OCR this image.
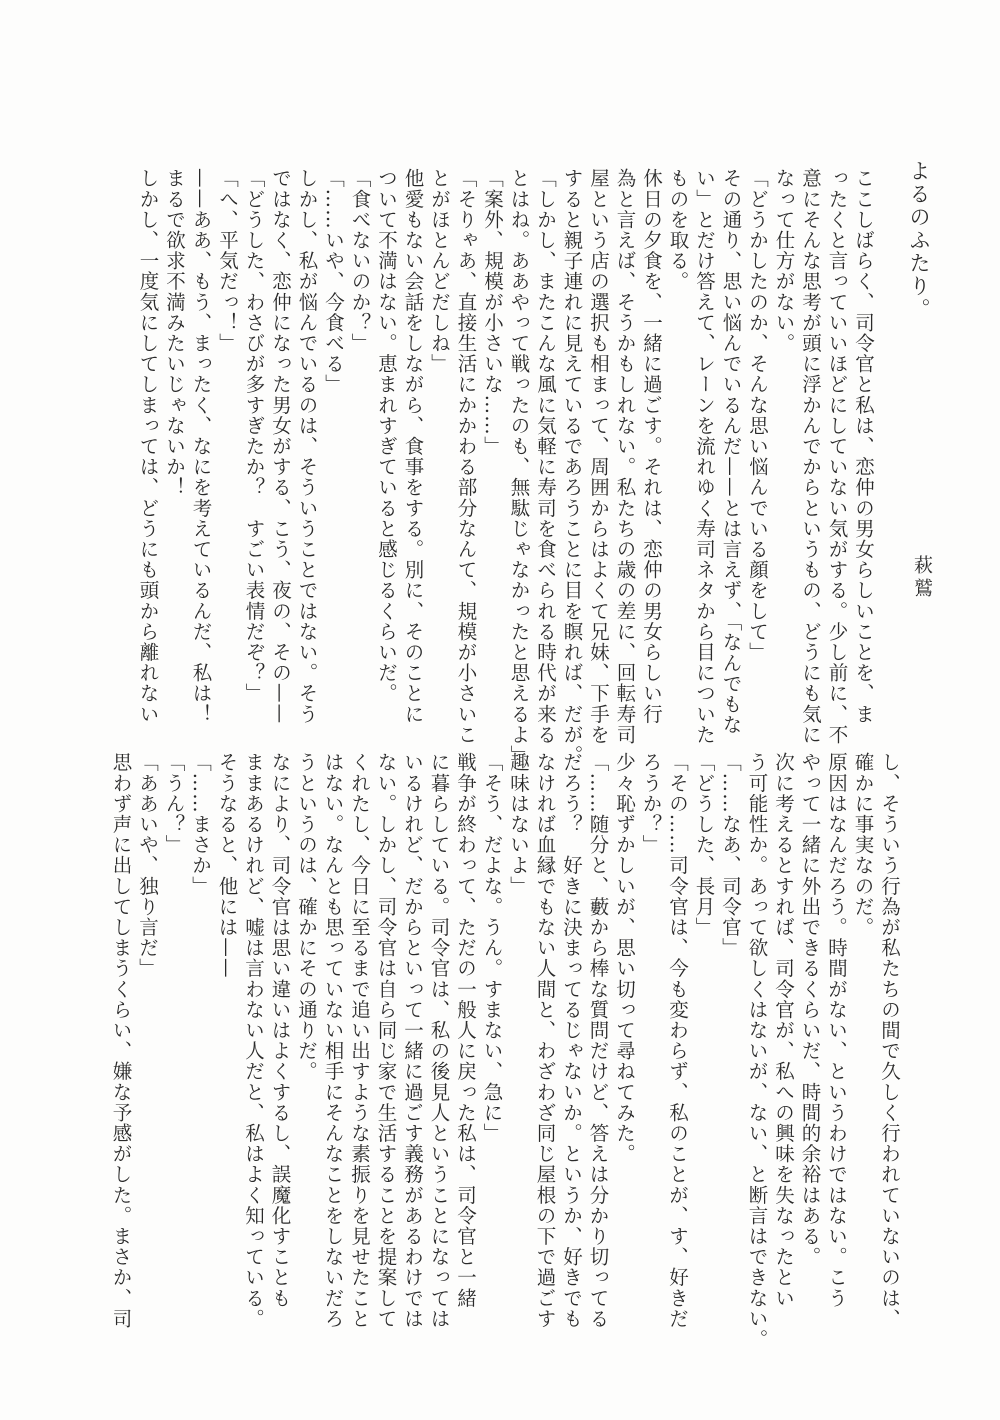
よるのふたり。
萩鷲
ここしばらく、司令官と私は、恋仲の男女らしいことを、ま
ったくと言っていいほどにしていない気がする。少し前に、不
意にそんな思考が頭に浮かんでからというもの、どうにも気に
なって仕方がない。
「どうかしたのか、そんな思い悩んでいる顔をして」
その通り、思い悩んでいるんだ——とは言えず、「なんでもな
い」とだけ答えて、レーンを流れゆく寿司ネタから目についた
ものを取る。
休日の夕食を、一緒に過ごす。それは、恋仲の男女らしい行
為と言えば、そうかもしれない。私たちの歳の差に、回転寿司
屋という店の選択も相まって、周囲からはよくて兄妹、下手を
すると親子連れに見えているであろうことに目を瞑れば、だが。
「しかし、またこんな風に気軽に寿司を食べられる時代が来る
とはね。ああやって戦ったのも、無駄じゃなかったと思えるよ」
「案外、規模が小さいな……」
「そりゃあ、直接生活にかかわる部分なんて、規模が小さいこ
とがほとんどだしね」
他愛もない会話をしながら、食事をする。別に、そのことに
ついて不満はない。恵まれすぎていると感じるくらいだ。
「食べないのか？」
「……いや、今食べる」
しかし、私が悩んでいるのは、そういうことではない。そう
ではなく、恋仲になった男女がする、こう、夜の、その——
「どうした、わさびが多すぎたか？　すごい表情だぞ？」
「へ、平気だっ！」
——ああ、もう、まったく、なにを考えているんだ、私は！
まるで欲求不満みたいじゃないか！
しかし、一度気にしてしまっては、どうにも頭から離れない
し、そういう行為が私たちの間で久しく行われていないのは、
確かに事実なのだ。
原因はなんだろう。時間がない、というわけではない。こう
やって一緒に外出できるくらいだ、時間的余裕はある。
次に考えるとすれば、司令官が、私への興味を失なったとい
う可能性か。あって欲しくはないが、ない、と断言はできない。
「……なあ、司令官」
「どうした、長月」
「その……司令官は、今も変わらず、私のことが、す、好きだ
ろうか？」
少々恥ずかしいが、思い切って尋ねてみた。
「……随分と、藪から棒な質問だけど、答えは分かり切ってる
だろう？　好きに決まってるじゃないか。というか、好きでも
なければ血縁でもない人間と、わざわざ同じ屋根の下で過ごす
趣味はないよ」
「そう、だよな。うん。すまない、急に」
戦争が終わって、ただの一般人に戻った私は、司令官と一緒
に暮らしている。司令官は、私の後見人ということになっては
いるけれど、だからといって一緒に過ごす義務があるわけでは
ない。しかし、司令官は自ら同じ家で生活することを提案して
くれたし、今日に至るまで追い出すような素振りを見せたこと
はない。なんとも思っていない相手にそんなことをしないだろ
うというのは、確かにその通りだ。
なにより、司令官は思い違いはよくするし、誤魔化すことも
ままあるけれど、嘘は言わない人だと、私はよく知っている。
そうなると、他には——
「……まさか」
「うん？」
「ああいや、独り言だ」
思わず声に出してしまうくらい、嫌な予感がした。まさか、司
